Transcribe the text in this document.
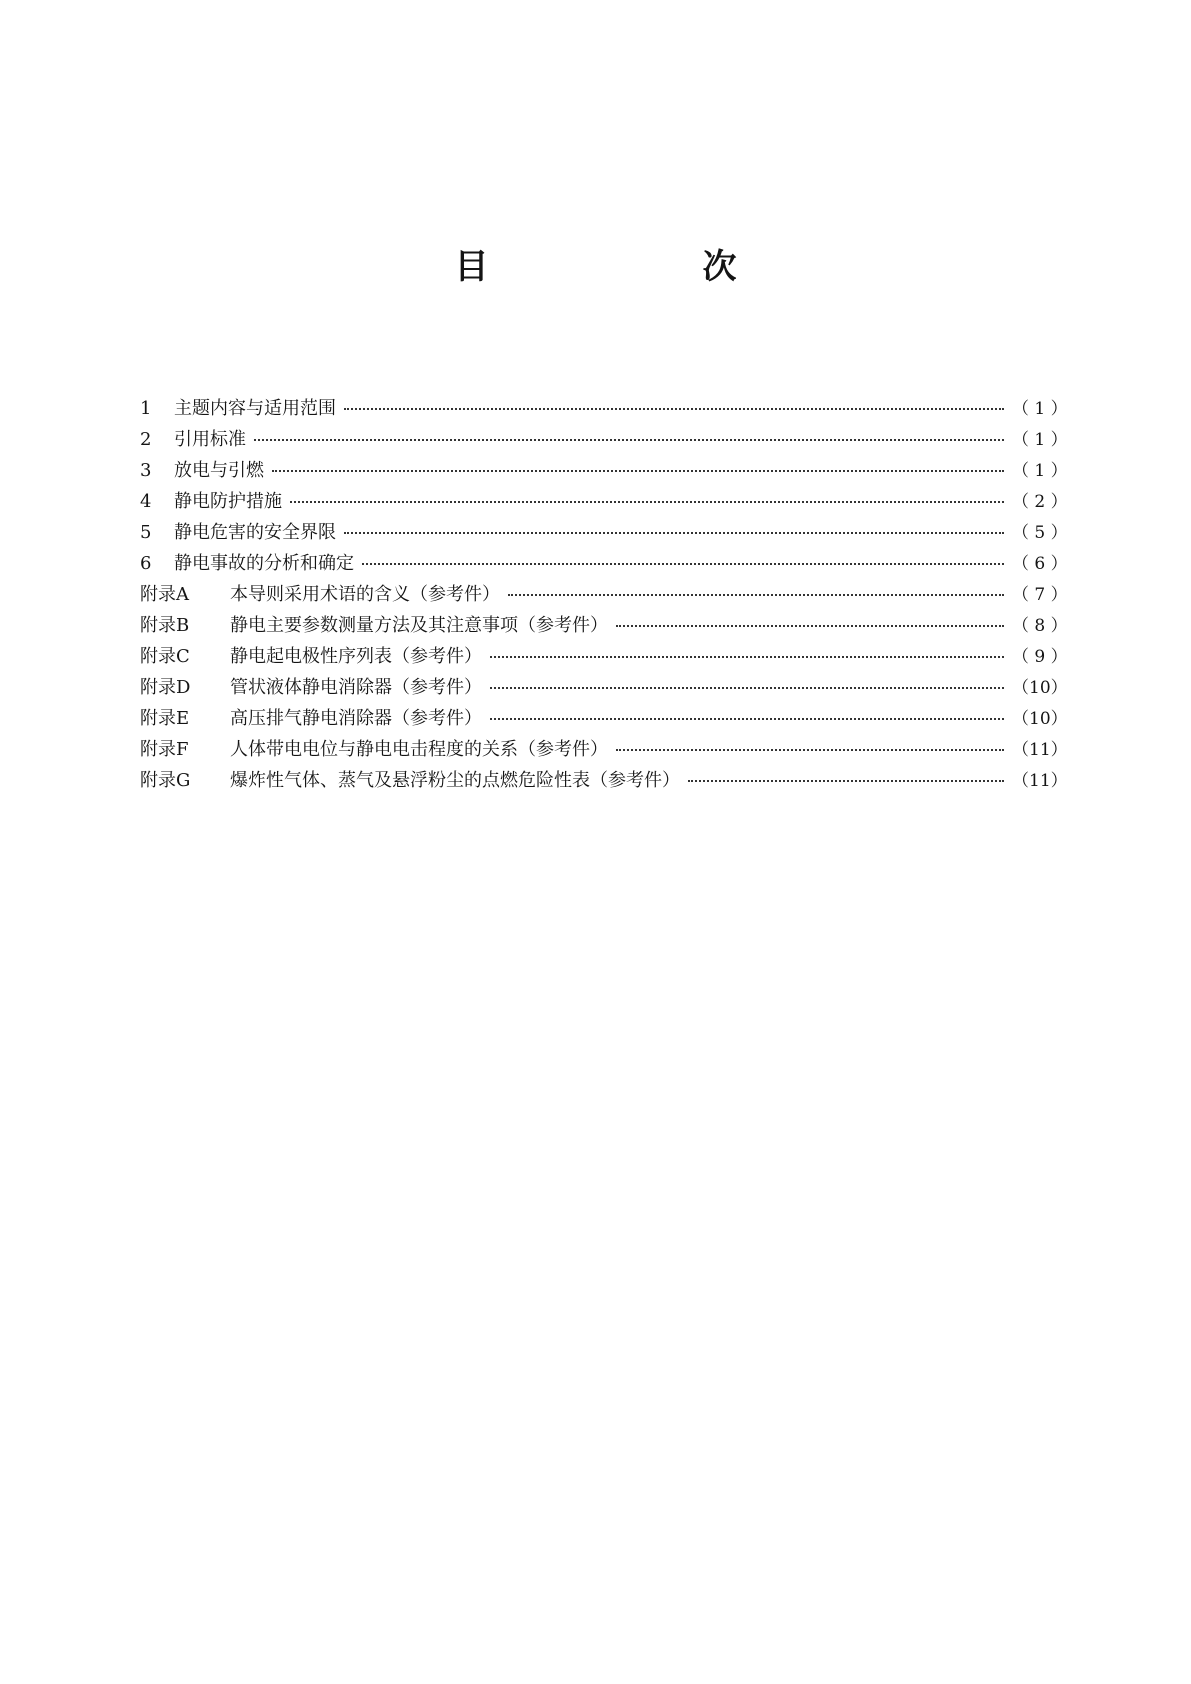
目　次
1	主题内容与适用范围	（ 1 ）
2	引用标准	（ 1 ）
3	放电与引燃	（ 1 ）
4	静电防护措施	（ 2 ）
5	静电危害的安全界限	（ 5 ）
6	静电事故的分析和确定	（ 6 ）
附录A	本导则采用术语的含义（参考件）	（ 7 ）
附录B	静电主要参数测量方法及其注意事项（参考件）	（ 8 ）
附录C	静电起电极性序列表（参考件）	（ 9 ）
附录D	管状液体静电消除器（参考件）	（10）
附录E	高压排气静电消除器（参考件）	（10）
附录F	人体带电电位与静电电击程度的关系（参考件）	（11）
附录G	爆炸性气体、蒸气及悬浮粉尘的点燃危险性表（参考件）	（11）
